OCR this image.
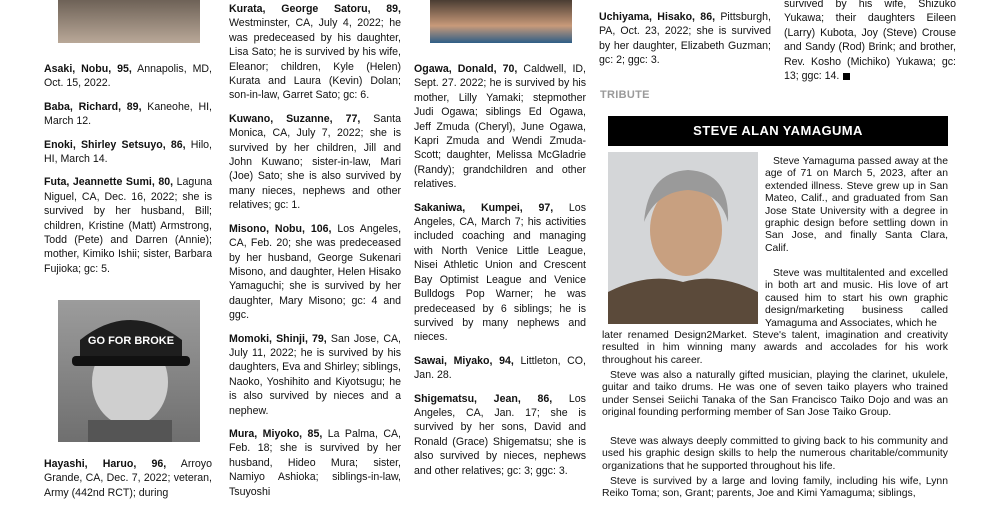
Asaki, Nobu, 95, Annapolis, MD, Oct. 15, 2022.

Baba, Richard, 89, Kaneohe, HI, March 12.

Enoki, Shirley Setsuyo, 86, Hilo, HI, March 14.

Futa, Jeannette Sumi, 80, Laguna Niguel, CA, Dec. 16, 2022; she is survived by her husband, Bill; children, Kristine (Matt) Armstrong, Todd (Pete) and Darren (Annie); mother, Kimiko Ishii; sister, Barbara Fujioka; gc: 5.

GO FOR BROKE

Hayashi, Haruo, 96, Arroyo Grande, CA, Dec. 7, 2022; veteran, Army (442nd RCT); during

Kurata, George Satoru, 89, Westminster, CA, July 4, 2022; he was predeceased by his daughter, Lisa Sato; he is survived by his wife, Eleanor; children, Kyle (Helen) Kurata and Laura (Kevin) Dolan; son-in-law, Garret Sato; gc: 6.

Kuwano, Suzanne, 77, Santa Monica, CA, July 7, 2022; she is survived by her children, Jill and John Kuwano; sister-in-law, Mari (Joe) Sato; she is also survived by many nieces, nephews and other relatives; gc: 1.

Misono, Nobu, 106, Los Angeles, CA, Feb. 20; she was predeceased by her husband, George Sukenari Misono, and daughter, Helen Hisako Yamaguchi; she is survived by her daughter, Mary Misono; gc: 4 and ggc.

Momoki, Shinji, 79, San Jose, CA, July 11, 2022; he is survived by his daughters, Eva and Shirley; siblings, Naoko, Yoshihito and Kiyotsugu; he is also survived by nieces and a nephew.

Mura, Miyoko, 85, La Palma, CA, Feb. 18; she is survived by her husband, Hideo Mura; sister, Namiyo Ashioka; siblings-in-law, Tsuyoshi

Ogawa, Donald, 70, Caldwell, ID, Sept. 27. 2022; he is survived by his mother, Lilly Yamaki; stepmother Judi Ogawa; siblings Ed Ogawa, Jeff Zmuda (Cheryl), June Ogawa, Kapri Zmuda and Wendi Zmuda-Scott; daughter, Melissa McGladrie (Randy); grandchildren and other relatives.

Sakaniwa, Kumpei, 97, Los Angeles, CA, March 7; his activities included coaching and managing with North Venice Little League, Nisei Athletic Union and Crescent Bay Optimist League and Venice Bulldogs Pop Warner; he was predeceased by 6 siblings; he is survived by many nephews and nieces.

Sawai, Miyako, 94, Littleton, CO, Jan. 28.

Shigematsu, Jean, 86, Los Angeles, CA, Jan. 17; she is survived by her sons, David and Ronald (Grace) Shigematsu; she is also survived by nieces, nephews and other relatives; gc: 3; ggc: 3.

Uchiyama, Hisako, 86, Pittsburgh, PA, Oct. 23, 2022; she is survived by her daughter, Elizabeth Guzman; gc: 2; ggc: 3.

survived by his wife, Shizuko Yukawa; their daughters Eileen (Larry) Kubota, Joy (Steve) Crouse and Sandy (Rod) Brink; and brother, Rev. Kosho (Michiko) Yukawa; gc: 13; ggc: 14.

TRIBUTE
STEVE ALAN YAMAGUMA
Steve Yamaguma passed away at the age of 71 on March 5, 2023, after an extended illness. Steve grew up in San Mateo, Calif., and graduated from San Jose State University with a degree in graphic design before settling down in San Jose, and finally Santa Clara, Calif.
Steve was multitalented and excelled in both art and music. His love of art caused him to start his own graphic design/marketing business called Yamaguma and Associates, which he
later renamed Design2Market. Steve's talent, imagination and creativity resulted in him winning many awards and accolades for his work throughout his career.
Steve was also a naturally gifted musician, playing the clarinet, ukulele, guitar and taiko drums. He was one of seven taiko players who trained under Sensei Seiichi Tanaka of the San Francisco Taiko Dojo and was an original founding performing member of San Jose Taiko Group.
Steve was always deeply committed to giving back to his community and used his graphic design skills to help the numerous charitable/community organizations that he supported throughout his life.
Steve is survived by a large and loving family, including his wife, Lynn Reiko Toma; son, Grant; parents, Joe and Kimi Yamaguma; siblings,
